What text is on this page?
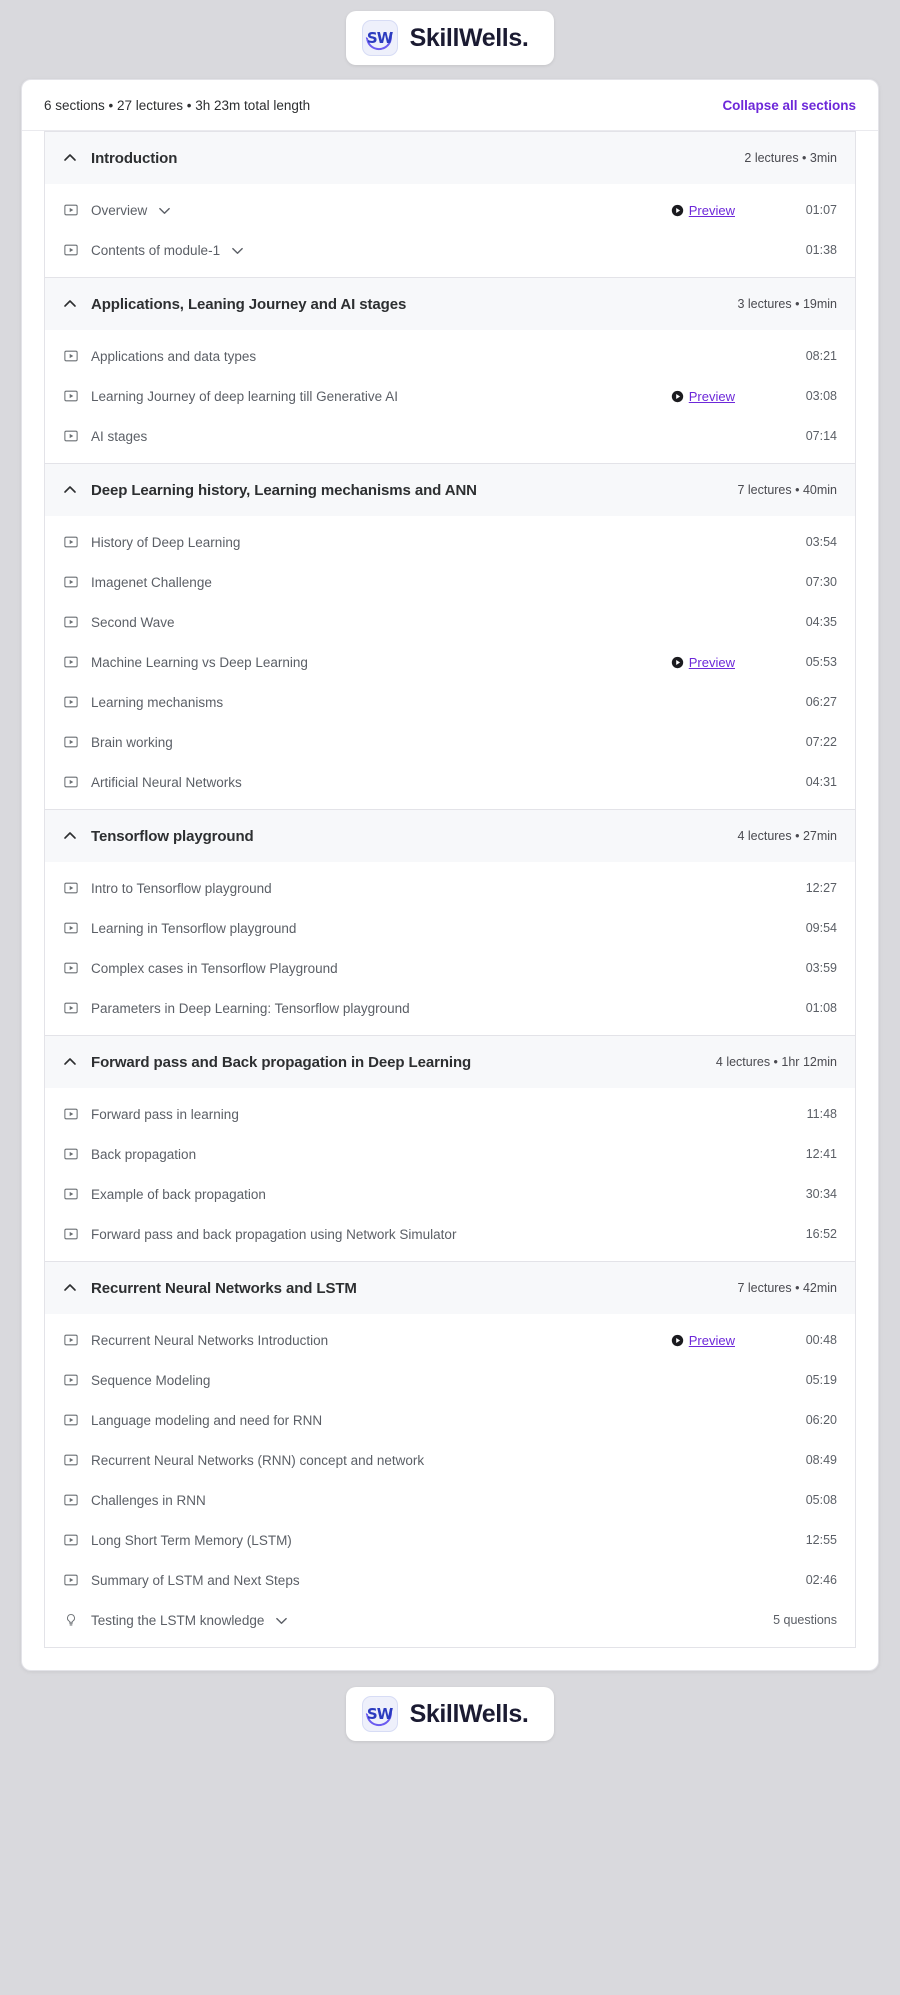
SW SkillWells.
6 sections • 27 lectures • 3h 23m total length	Collapse all sections
Introduction	2 lectures • 3min
Overview	Preview	01:07
Contents of module-1	01:38
Applications, Leaning Journey and AI stages	3 lectures • 19min
Applications and data types	08:21
Learning Journey of deep learning till Generative AI	Preview	03:08
AI stages	07:14
Deep Learning history, Learning mechanisms and ANN	7 lectures • 40min
History of Deep Learning	03:54
Imagenet Challenge	07:30
Second Wave	04:35
Machine Learning vs Deep Learning	Preview	05:53
Learning mechanisms	06:27
Brain working	07:22
Artificial Neural Networks	04:31
Tensorflow playground	4 lectures • 27min
Intro to Tensorflow playground	12:27
Learning in Tensorflow playground	09:54
Complex cases in Tensorflow Playground	03:59
Parameters in Deep Learning: Tensorflow playground	01:08
Forward pass and Back propagation in Deep Learning	4 lectures • 1hr 12min
Forward pass in learning	11:48
Back propagation	12:41
Example of back propagation	30:34
Forward pass and back propagation using Network Simulator	16:52
Recurrent Neural Networks and LSTM	7 lectures • 42min
Recurrent Neural Networks Introduction	Preview	00:48
Sequence Modeling	05:19
Language modeling and need for RNN	06:20
Recurrent Neural Networks (RNN) concept and network	08:49
Challenges in RNN	05:08
Long Short Term Memory (LSTM)	12:55
Summary of LSTM and Next Steps	02:46
Testing the LSTM knowledge	5 questions
SW SkillWells.
